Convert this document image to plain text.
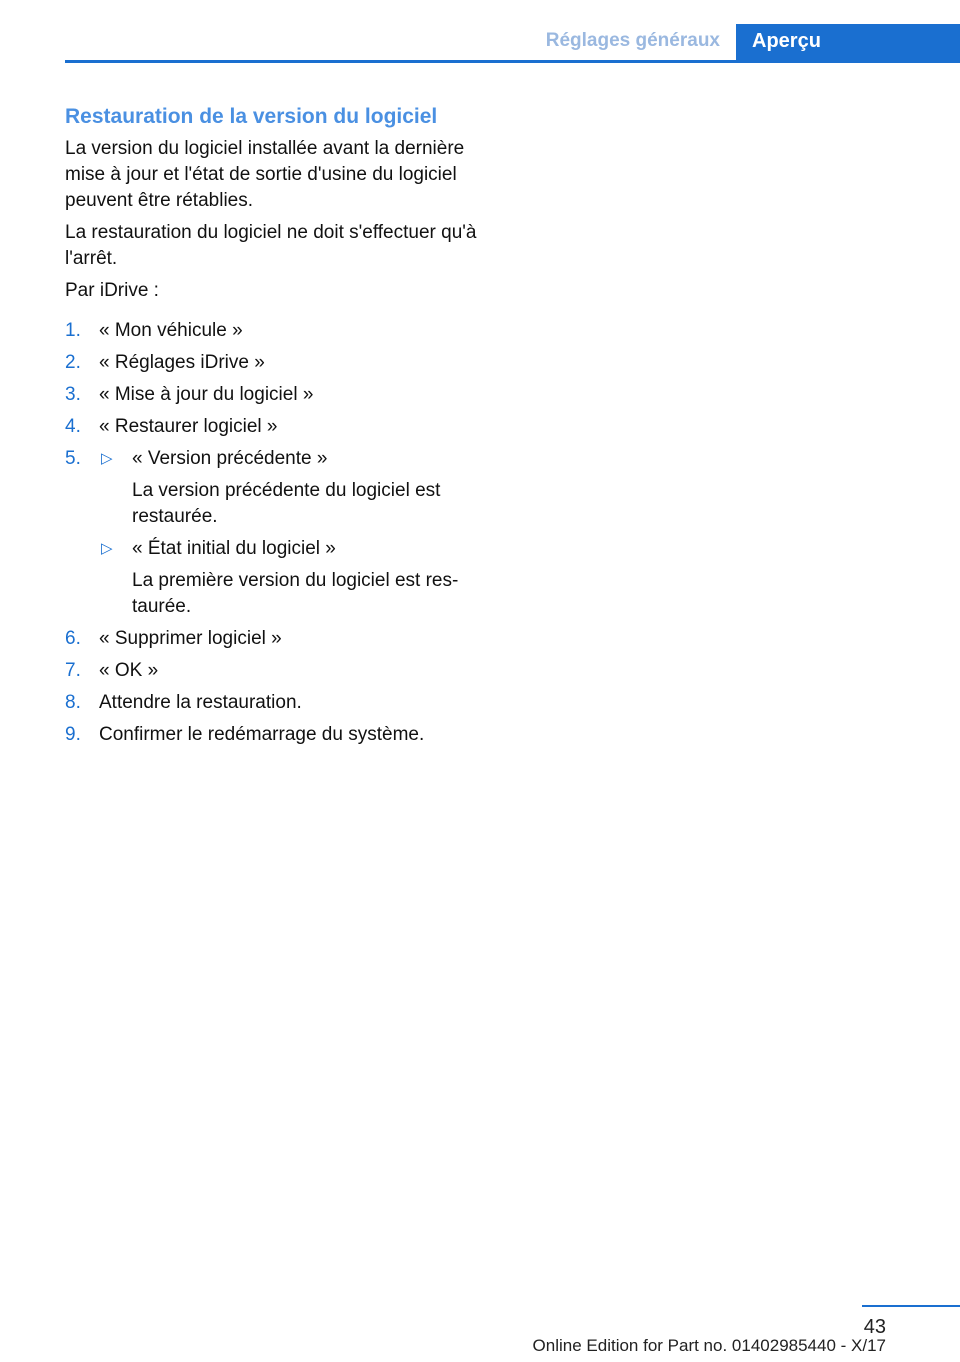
Réglages généraux	Aperçu
Restauration de la version du logiciel

La version du logiciel installée avant la dernière mise à jour et l'état de sortie d'usine du logiciel peuvent être rétablies.

La restauration du logiciel ne doit s'effectuer qu'à l'arrêt.

Par iDrive :

1. « Mon véhicule »
2. « Réglages iDrive »
3. « Mise à jour du logiciel »
4. « Restaurer logiciel »
5. ▷ « Version précédente »
La version précédente du logiciel est restaurée.
▷ « État initial du logiciel »
La première version du logiciel est res- taurée.
6. « Supprimer logiciel »
7. « OK »
8. Attendre la restauration.
9. Confirmer le redémarrage du système.
43
Online Edition for Part no. 01402985440 - X/17
